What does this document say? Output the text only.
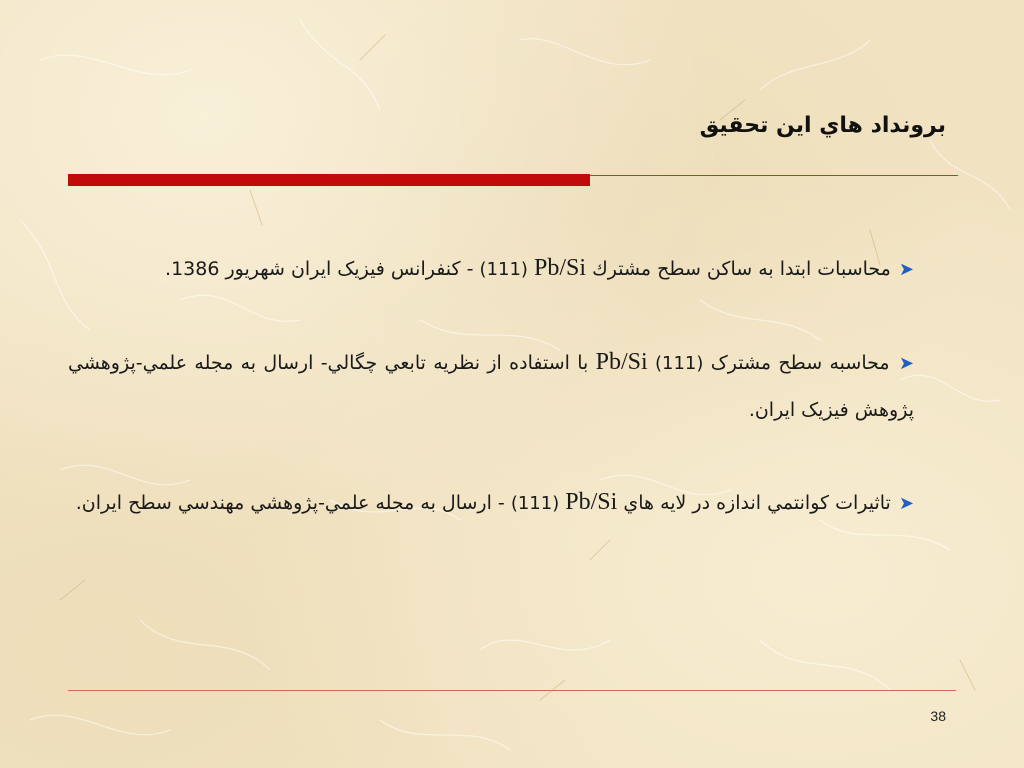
برونداد هاي اين تحقيق
➤ محاسبات ابتدا به ساكن سطح مشترك Pb/Si (111) - كنفرانس فيزيک ايران شهريور 1386.
➤ محاسبه سطح مشترک (111) Pb/Si با استفاده از نظريه تابعي چگالي- ارسال به مجله علمي-پژوهشي پژوهش فيزيک ايران.
➤ تاثيرات كوانتمي اندازه در لايه هاي Pb/Si (111) - ارسال به مجله علمي-پژوهشي مهندسي سطح ايران.
38
